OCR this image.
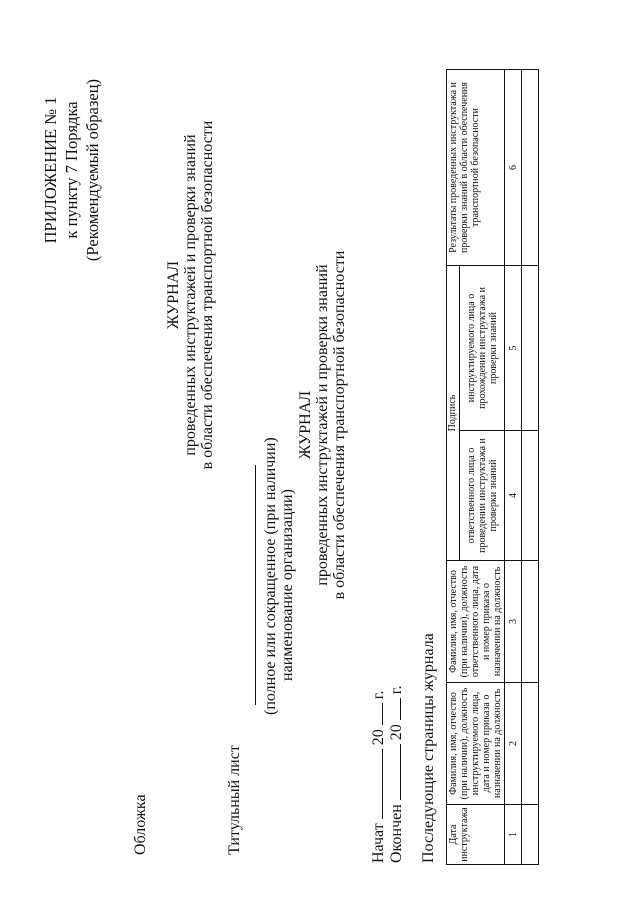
ПРИЛОЖЕНИЕ № 1 к пункту 7 Порядка (Рекомендуемый образец)
Обложка
ЖУРНАЛ проведенных инструктажей и проверки знаний в области обеспечения транспортной безопасности
Титульный лист
(полное или сокращенное (при наличии) наименование организации)
ЖУРНАЛ проведенных инструктажей и проверки знаний в области обеспечения транспортной безопасности
Начат  20  г.
Окончен  20  г. Последующие страницы журнала Дата инструктажа	Фамилия, имя, отчество (при наличии), должность инструктируемого лица, дата и номер приказа о назначении на должность	Фамилия, имя, отчество (при наличии), должность ответственного лица, дата и номер приказа о назначении на должность	Подпись		Результаты проведенных инструктажа и проверки знаний в области обеспечения транспортной безопасности
			ответственного лица о проведении инструктажа и проверки знаний	инструктируемого лица о прохождении инструктажа и проверки знаний	
1	2	3	4	5	6
